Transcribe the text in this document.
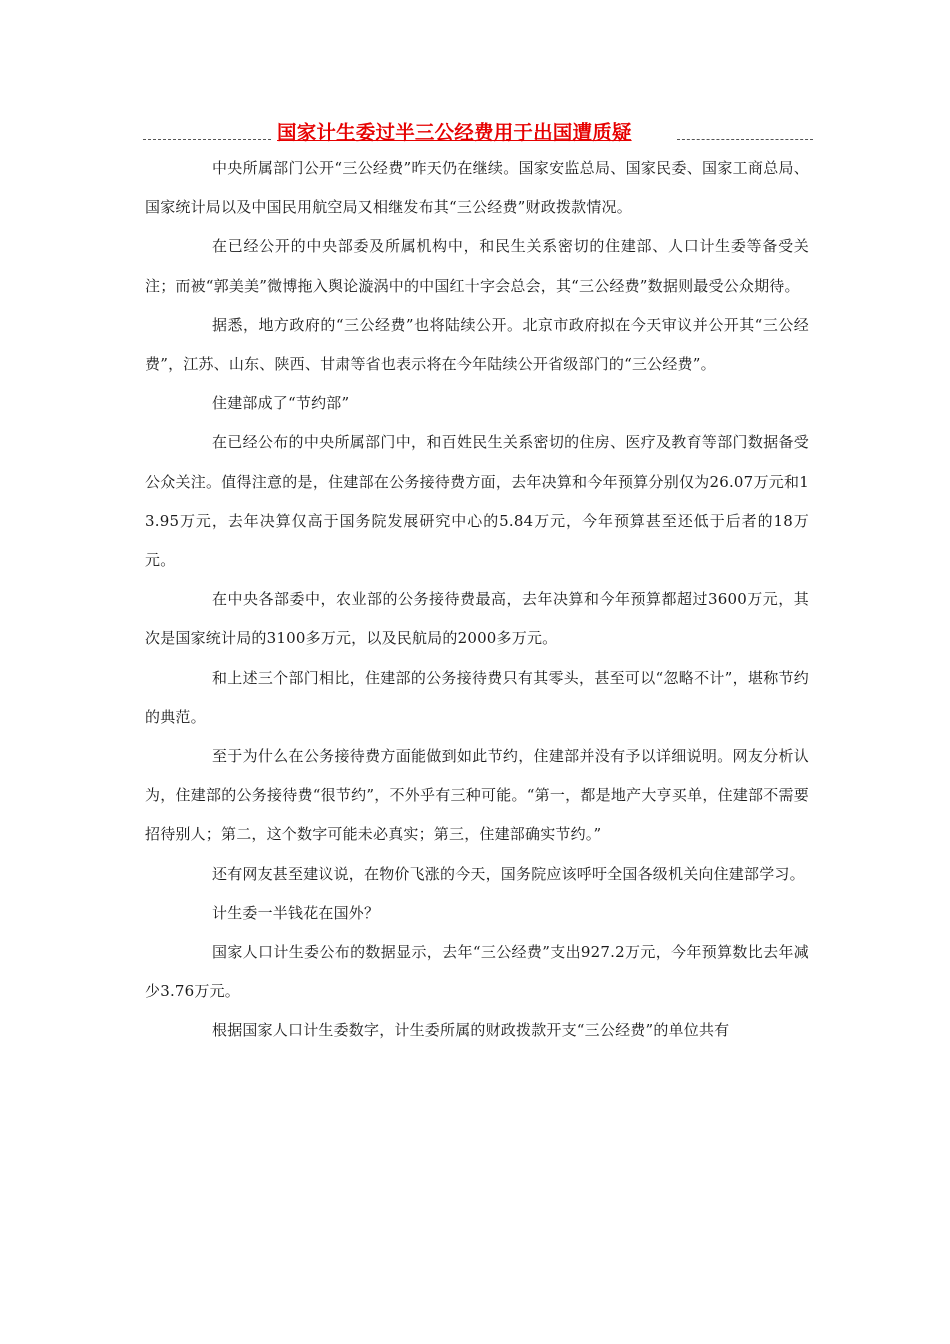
国家计生委过半三公经费用于出国遭质疑

中央所属部门公开“三公经费”昨天仍在继续。国家安监总局、国家民委、国家工商总局、国家统计局以及中国民用航空局又相继发布其“三公经费”财政拨款情况。

在已经公开的中央部委及所属机构中，和民生关系密切的住建部、人口计生委等备受关注；而被“郭美美”微博拖入舆论漩涡中的中国红十字会总会，其“三公经费”数据则最受公众期待。

据悉，地方政府的“三公经费”也将陆续公开。北京市政府拟在今天审议并公开其“三公经费”，江苏、山东、陕西、甘肃等省也表示将在今年陆续公开省级部门的“三公经费”。

住建部成了“节约部”

在已经公布的中央所属部门中，和百姓民生关系密切的住房、医疗及教育等部门数据备受公众关注。值得注意的是，住建部在公务接待费方面，去年决算和今年预算分别仅为26.07万元和13.95万元，去年决算仅高于国务院发展研究中心的5.84万元，今年预算甚至还低于后者的18万元。

在中央各部委中，农业部的公务接待费最高，去年决算和今年预算都超过3600万元，其次是国家统计局的3100多万元，以及民航局的2000多万元。

和上述三个部门相比，住建部的公务接待费只有其零头，甚至可以“忽略不计”，堪称节约的典范。

至于为什么在公务接待费方面能做到如此节约，住建部并没有予以详细说明。网友分析认为，住建部的公务接待费“很节约”，不外乎有三种可能。“第一，都是地产大亨买单，住建部不需要招待别人；第二，这个数字可能未必真实；第三，住建部确实节约。”

还有网友甚至建议说，在物价飞涨的今天，国务院应该呼吁全国各级机关向住建部学习。

计生委一半钱花在国外？

国家人口计生委公布的数据显示，去年“三公经费”支出927.2万元，今年预算数比去年减少3.76万元。

根据国家人口计生委数字，计生委所属的财政拨款开支“三公经费”的单位共有
